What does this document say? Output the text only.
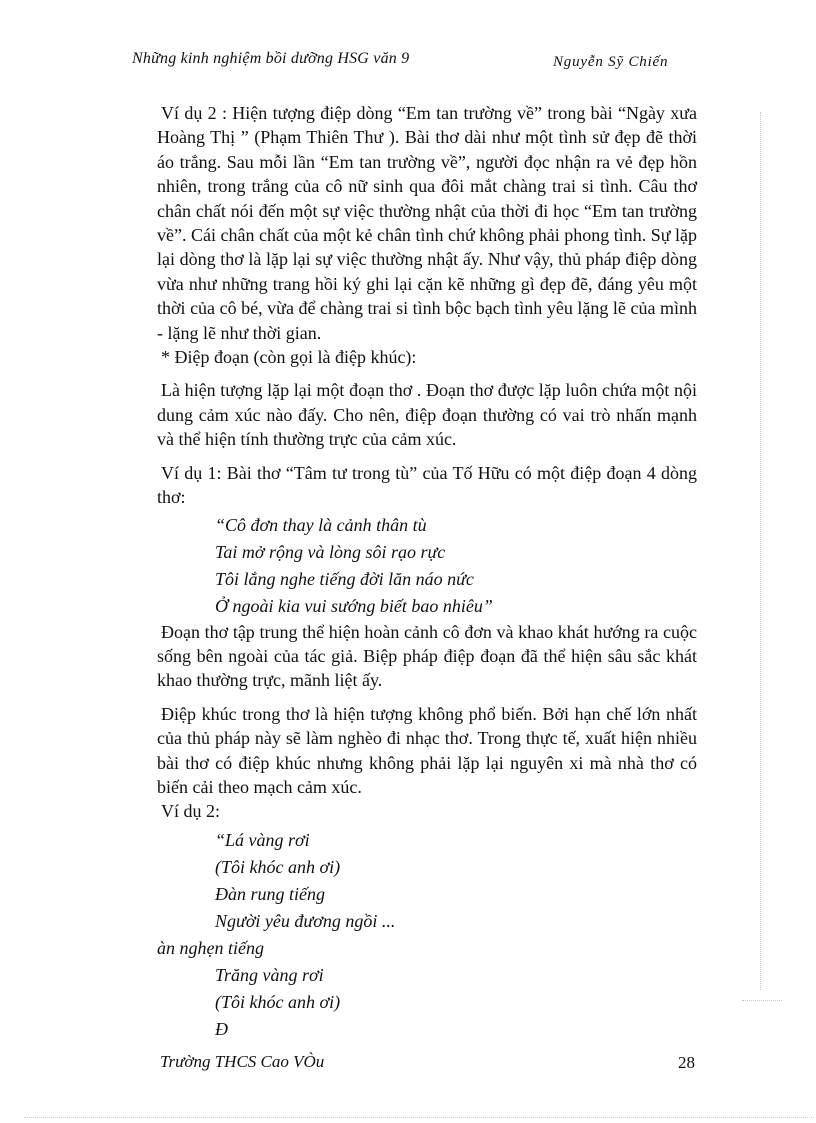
Những kinh nghiệm bồi dưỡng HSG văn 9	Nguyễn Sỹ Chiến

Ví dụ 2 : Hiện tượng điệp dòng “Em tan trường về” trong bài “Ngày xưa Hoàng Thị ” (Phạm Thiên Thư ). Bài thơ dài như một tình sử đẹp đẽ thời áo trắng. Sau mỗi lần “Em tan trường về”, người đọc nhận ra vẻ đẹp hồn nhiên, trong trắng của cô nữ sinh qua đôi mắt chàng trai si tình. Câu thơ chân chất nói đến một sự việc thường nhật của thời đi học “Em tan trường về”. Cái chân chất của một kẻ chân tình chứ không phải phong tình. Sự lặp lại dòng thơ là lặp lại sự việc thường nhật ấy. Như vậy, thủ pháp điệp dòng vừa như những trang hồi ký ghi lại cặn kẽ những gì đẹp đẽ, đáng yêu một thời của cô bé, vừa để chàng trai si tình bộc bạch tình yêu lặng lẽ của mình - lặng lẽ như thời gian.

* Điệp đoạn (còn gọi là điệp khúc):

Là hiện tượng lặp lại một đoạn thơ . Đoạn thơ được lặp luôn chứa một nội dung cảm xúc nào đấy. Cho nên, điệp đoạn thường có vai trò nhấn mạnh và thể hiện tính thường trực của cảm xúc.

Ví dụ 1: Bài thơ “Tâm tư trong tù” của Tố Hữu có một điệp đoạn 4 dòng thơ:

“Cô đơn thay là cảnh thân tù
Tai mở rộng và lòng sôi rạo rực
Tôi lắng nghe tiếng đời lăn náo nức
Ở ngoài kia vui sướng biết bao nhiêu”

Đoạn thơ tập trung thể hiện hoàn cảnh cô đơn và khao khát hướng ra cuộc sống bên ngoài của tác giả. Biệp pháp điệp đoạn đã thể hiện sâu sắc khát khao thường trực, mãnh liệt ấy.

Điệp khúc trong thơ là hiện tượng không phổ biến. Bởi hạn chế lớn nhất của thủ pháp này sẽ làm nghèo đi nhạc thơ. Trong thực tế, xuất hiện nhiều bài thơ có điệp khúc nhưng không phải lặp lại nguyên xi mà nhà thơ có biến cải theo mạch cảm xúc.

Ví dụ 2:

“Lá vàng rơi
(Tôi khóc anh ơi)
Đàn rung tiếng
Người yêu đương ngồi ...
àn nghẹn tiếng
Trăng vàng rơi
(Tôi khóc anh ơi)
Đ
Trường THCS Cao VÒu	28
